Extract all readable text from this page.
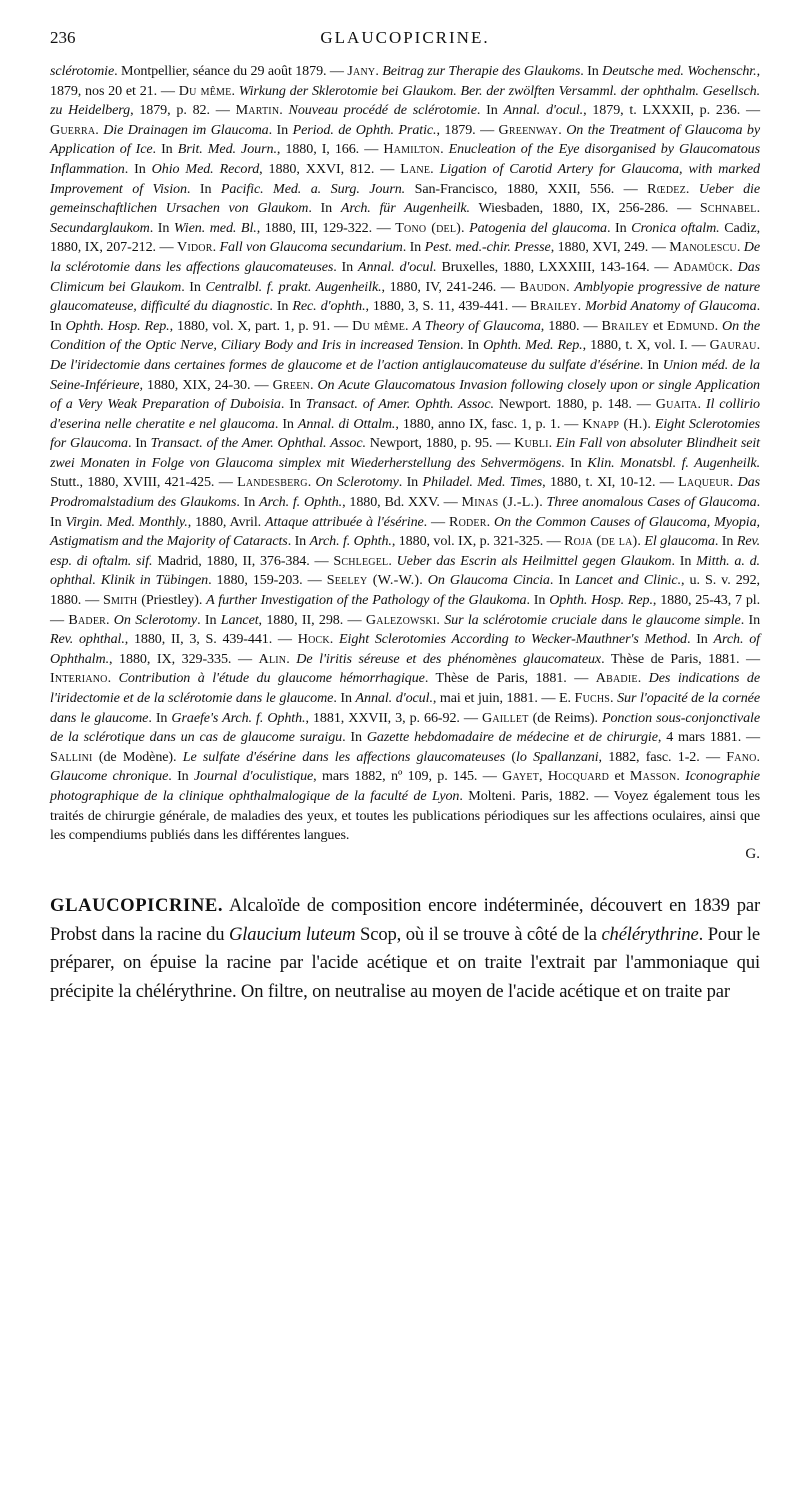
236	GLAUCOPICRINE.
sclérotomie. Montpellier, séance du 29 août 1879. — Jany. Beitrag zur Therapie des Glaukoms. In Deutsche med. Wochenschr., 1879, nos 20 et 21. — Du même. Wirkung der Sklerotomie bei Glaukom. Ber. der zwölften Versamml. der ophthalm. Gesellsch. zu Heidelberg, 1879, p. 82. — Martin. Nouveau procédé de sclérotomie. In Annal. d'ocul., 1879, t. LXXXII, p. 236. — Guerra. Die Drainagen im Glaucoma. In Period. de Ophth. Pratic., 1879. — Greenway. On the Treatment of Glaucoma by Application of Ice. In Brit. Med. Journ., 1880, I, 166. — Hamilton. Enucleation of the Eye disorganised by Glaucomatous Inflammation. In Ohio Med. Record, 1880, XXVI, 812. — Lane. Ligation of Carotid Artery for Glaucoma, with marked Improvement of Vision. In Pacific. Med. a. Surg. Journ. San-Francisco, 1880, XXII, 556. — Rœdez. Ueber die gemeinschaftlichen Ursachen von Glaukom. In Arch. für Augenheilk. Wiesbaden, 1880, IX, 256-286. — Schnabel. Secundarglaukom. In Wien. med. Bl., 1880, III, 129-322. — Tono (del). Patogenia del glaucoma. In Cronica oftalm. Cadiz, 1880, IX, 207-212. — Vidor. Fall von Glaucoma secundarium. In Pest. med.-chir. Presse, 1880, XVI, 249. — Manolescu. De la sclérotomie dans les affections glaucomateuses. In Annal. d'ocul. Bruxelles, 1880, LXXXIII, 143-164. — Adamück. Das Climicum bei Glaukom. In Centralbl. f. prakt. Augenheilk., 1880, IV, 241-246. — Baudon. Amblyopie progressive de nature glaucomateuse, difficulté du diagnostic. In Rec. d'ophth., 1880, 3, S. 11, 439-441. — Brailey. Morbid Anatomy of Glaucoma. In Ophth. Hosp. Rep., 1880, vol. X, part. 1, p. 91. — Du même. A Theory of Glaucoma, 1880. — Brailey et Edmund. On the Condition of the Optic Nerve, Ciliary Body and Iris in increased Tension. In Ophth. Med. Rep., 1880, t. X, vol. I. — Gaurau. De l'iridectomie dans certaines formes de glaucome et de l'action antiglaucomateuse du sulfate d'ésérine. In Union méd. de la Seine-Inférieure, 1880, XIX, 24-30. — Green. On Acute Glaucomatous Invasion following closely upon or single Application of a Very Weak Preparation of Duboisia. In Transact. of Amer. Ophth. Assoc. Newport. 1880, p. 148. — Guaita. Il collirio d'eserina nelle cheratite e nel glaucoma. In Annal. di Ottalm., 1880, anno IX, fasc. 1, p. 1. — Knapp (H.). Eight Sclerotomies for Glaucoma. In Transact. of the Amer. Ophthal. Assoc. Newport, 1880, p. 95. — Kubli. Ein Fall von absoluter Blindheit seit zwei Monaten in Folge von Glaucoma simplex mit Wiederherstellung des Sehvermögens. In Klin. Monatsbl. f. Augenheilk. Stutt., 1880, XVIII, 421-425. — Landesberg. On Sclerotomy. In Philadel. Med. Times, 1880, t. XI, 10-12. — Laqueur. Das Prodromalstadium des Glaukoms. In Arch. f. Ophth., 1880, Bd. XXV. — Minas (J.-L.). Three anomalous Cases of Glaucoma. In Virgin. Med. Monthly., 1880, Avril. Attaque attribuée à l'ésérine. — Roder. On the Common Causes of Glaucoma, Myopia, Astigmatism and the Majority of Cataracts. In Arch. f. Ophth., 1880, vol. IX, p. 321-325. — Roja (de la). El glaucoma. In Rev. esp. di oftalm. sif. Madrid, 1880, II, 376-384. — Schlegel. Ueber das Escrin als Heilmittel gegen Glaukom. In Mitth. a. d. ophthal. Klinik in Tübingen. 1880, 159-203. — Seeley (W.-W.). On Glaucoma Cincia. In Lancet and Clinic., u. S. v. 292, 1880. — Smith (Priestley). A further Investigation of the Pathology of the Glaukoma. In Ophth. Hosp. Rep., 1880, 25-43, 7 pl. — Bader. On Sclerotomy. In Lancet, 1880, II, 298. — Galezowski. Sur la sclérotomie cruciale dans le glaucome simple. In Rev. ophthal., 1880, II, 3, S. 439-441. — Hock. Eight Sclerotomies According to Wecker-Mauthner's Method. In Arch. of Ophthalm., 1880, IX, 329-335. — Alin. De l'iritis séreuse et des phénomènes glaucomateux. Thèse de Paris, 1881. — Interiano. Contribution à l'étude du glaucome hémorrhagique. Thèse de Paris, 1881. — Abadie. Des indications de l'iridectomie et de la sclérotomie dans le glaucome. In Annal. d'ocul., mai et juin, 1881. — E. Fuchs. Sur l'opacité de la cornée dans le glaucome. In Graefe's Arch. f. Ophth., 1881, XXVII, 3, p. 66-92. — Gaillet (de Reims). Ponction sous-conjonctivale de la sclérotique dans un cas de glaucome suraigu. In Gazette hebdomadaire de médecine et de chirurgie, 4 mars 1881. — Sallini (de Modène). Le sulfate d'ésérine dans les affections glaucomateuses (lo Spallanzani, 1882, fasc. 1-2. — Fano. Glaucome chronique. In Journal d'oculistique, mars 1882, nº 109, p. 145. — Gayet, Hocquard et Masson. Iconographie photographique de la clinique ophthalmalogique de la faculté de Lyon. Molteni. Paris, 1882. — Voyez également tous les traités de chirurgie générale, de maladies des yeux, et toutes les publications périodiques sur les affections oculaires, ainsi que les compendiums publiés dans les différentes langues.
G.
GLAUCOPICRINE. Alcaloïde de composition encore indéterminée, découvert en 1839 par Probst dans la racine du Glaucium luteum Scop, où il se trouve à côté de la chélérythrine. Pour le préparer, on épuise la racine par l'acide acétique et on traite l'extrait par l'ammoniaque qui précipite la chélérythrine. On filtre, on neutralise au moyen de l'acide acétique et on traite par
